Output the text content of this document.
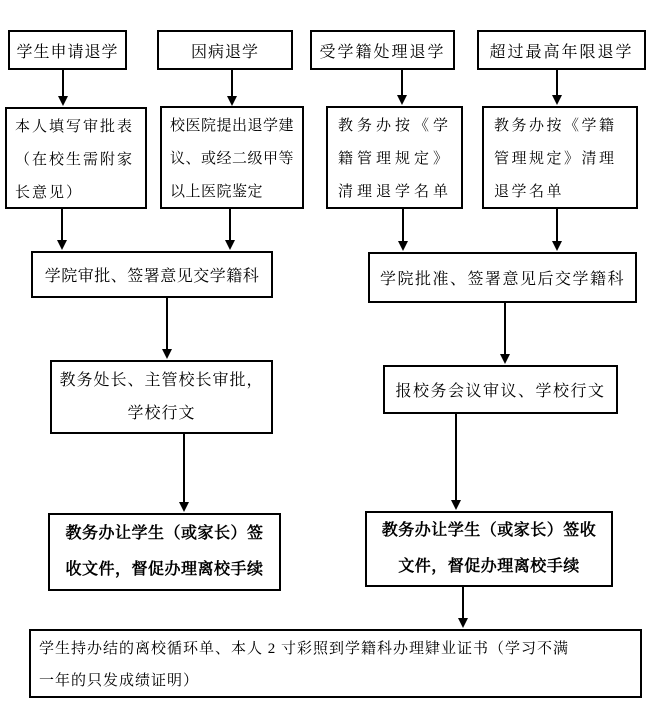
学生申请退学	因病退学	受学籍处理退学	超过最高年限退学
本人填写审批表
（在校生需附家
长意见）
校医院提出退学建
议、或经二级甲等
以上医院鉴定
教务办按《学
籍管理规定》
清理退学名单
教务办按《学籍
管理规定》清理
退学名单
学院审批、签署意见交学籍科	学院批准、签署意见后交学籍科
教务处长、主管校长审批，
学校行文
报校务会议审议、学校行文
教务办让学生（或家长）签
收文件，督促办理离校手续
教务办让学生（或家长）签收
文件，督促办理离校手续
学生持办结的离校循环单、本人 2 寸彩照到学籍科办理肄业证书（学习不满
一年的只发成绩证明）
